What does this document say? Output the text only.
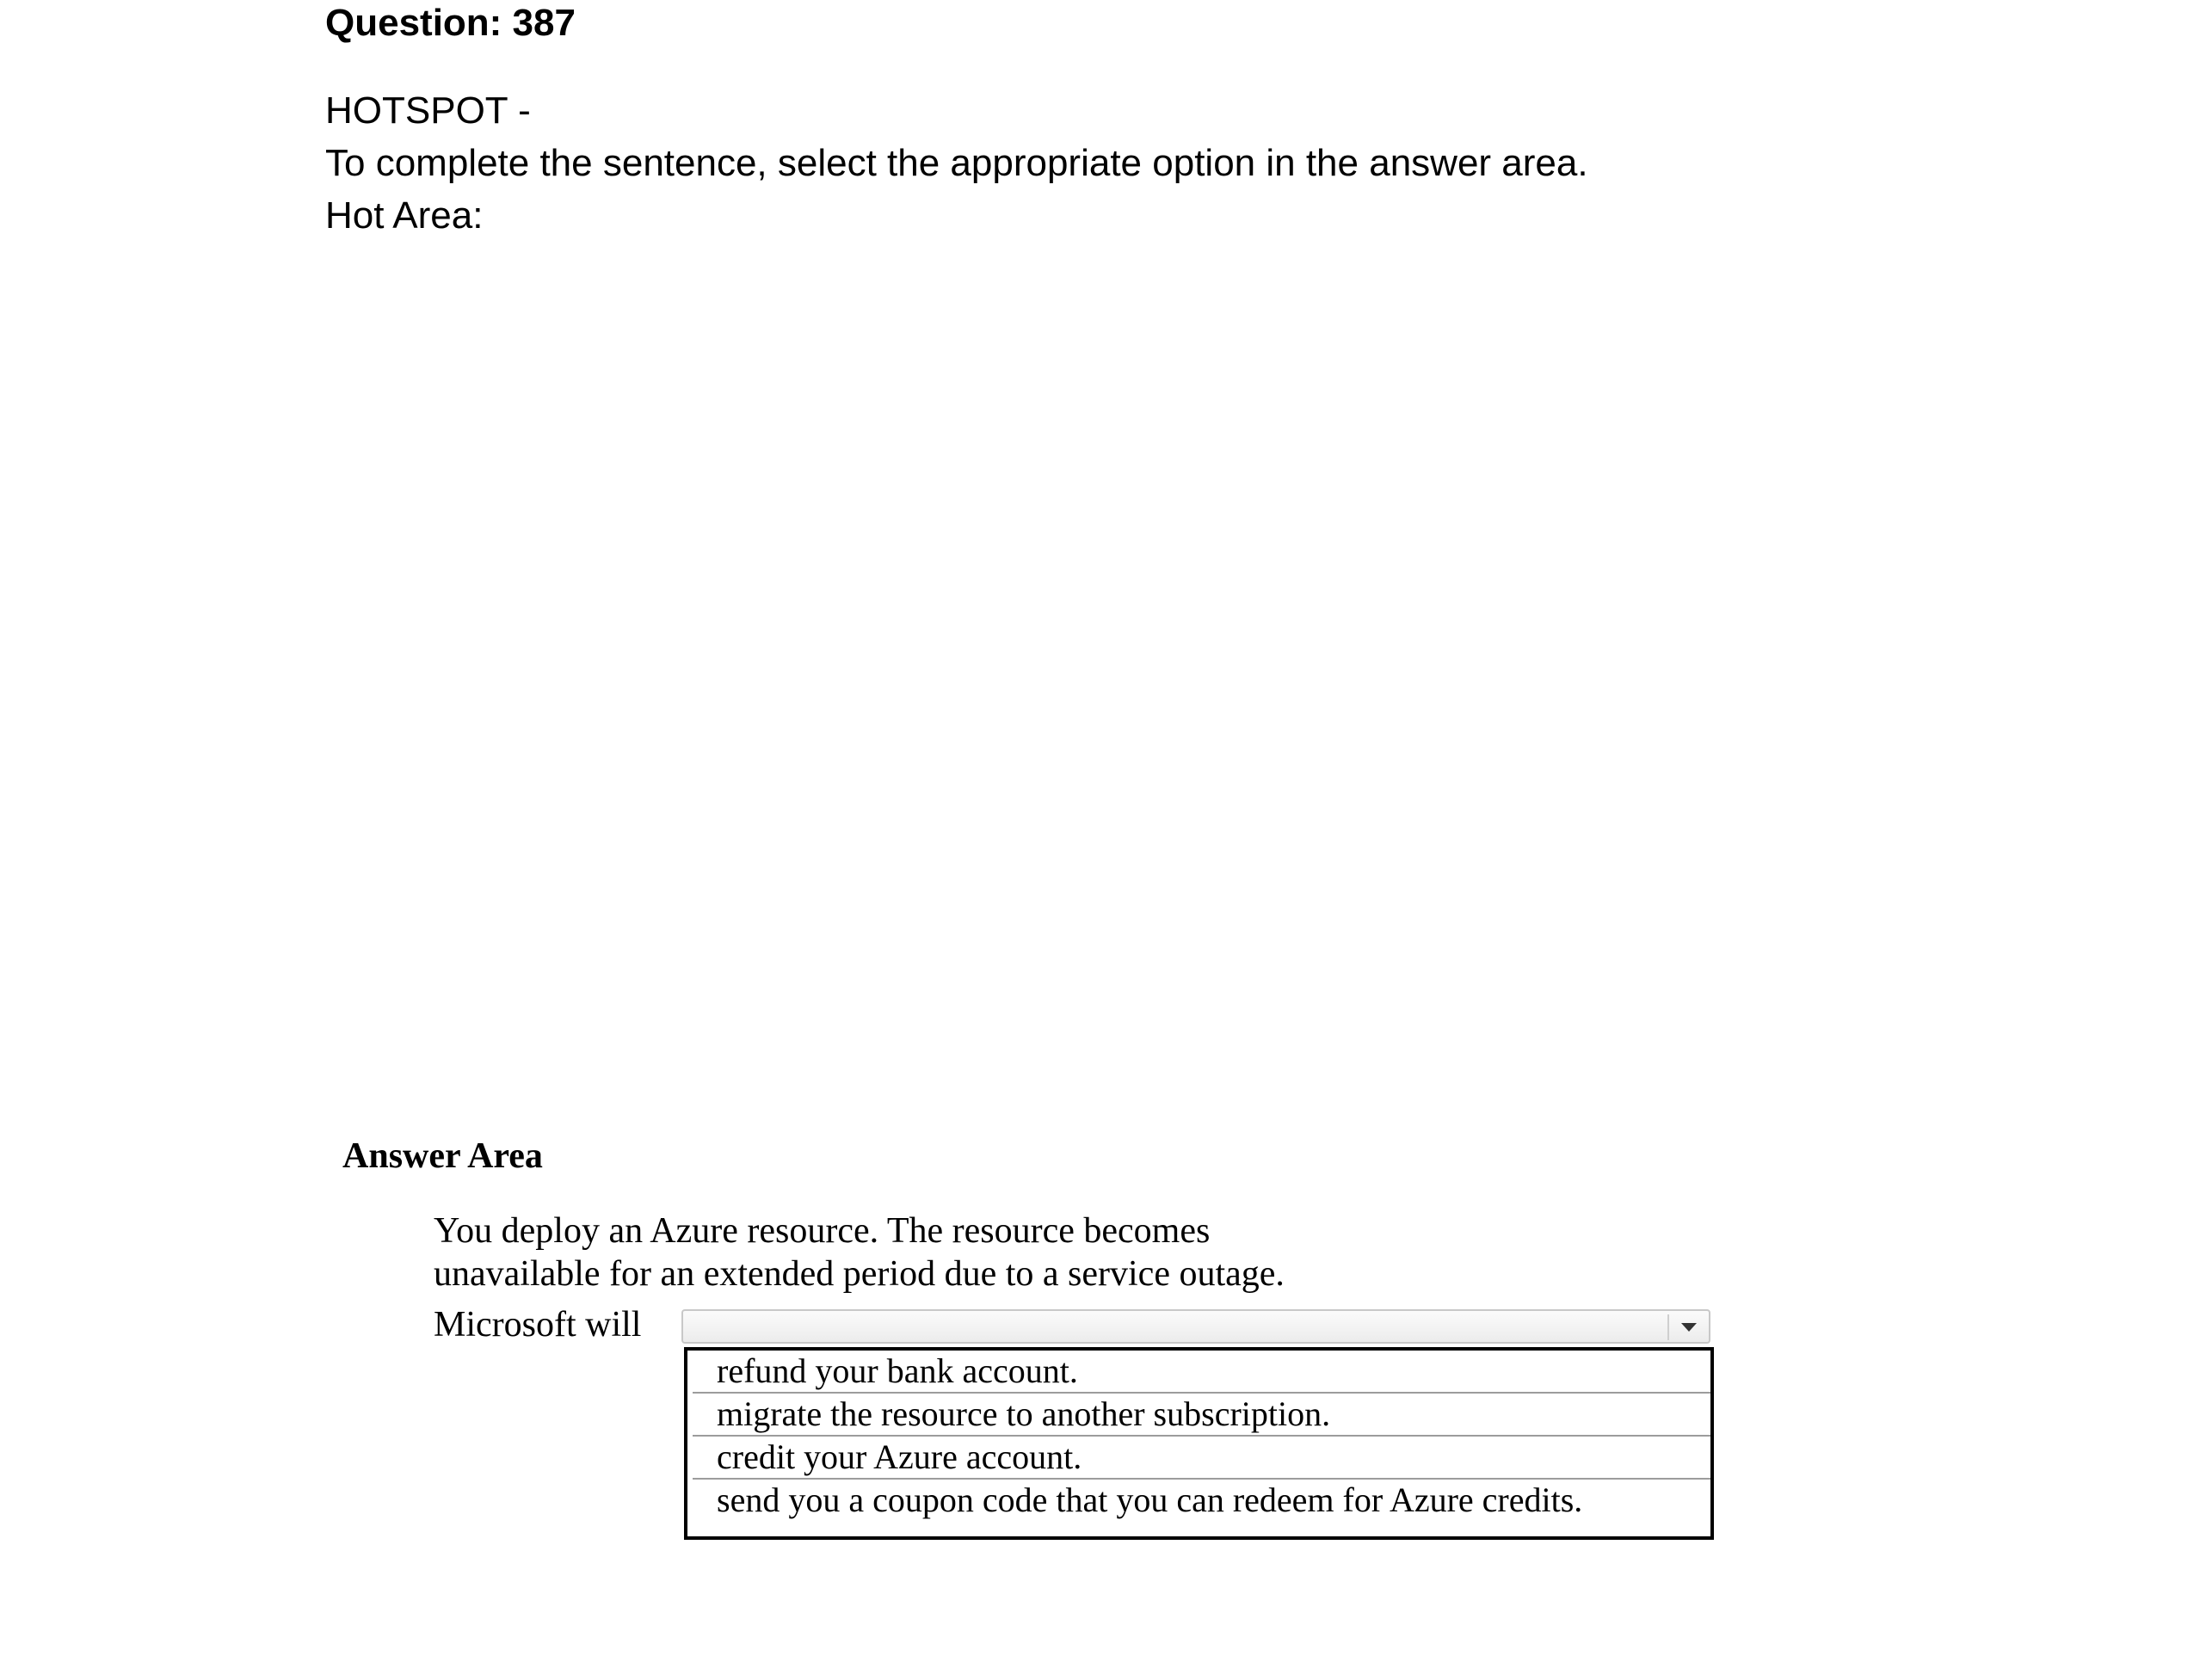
Question: 387
HOTSPOT -
To complete the sentence, select the appropriate option in the answer area.
Hot Area:
Answer Area
You deploy an Azure resource. The resource becomes
unavailable for an extended period due to a service outage.
Microsoft will
refund your bank account.
migrate the resource to another subscription.
credit your Azure account.
send you a coupon code that you can redeem for Azure credits.
